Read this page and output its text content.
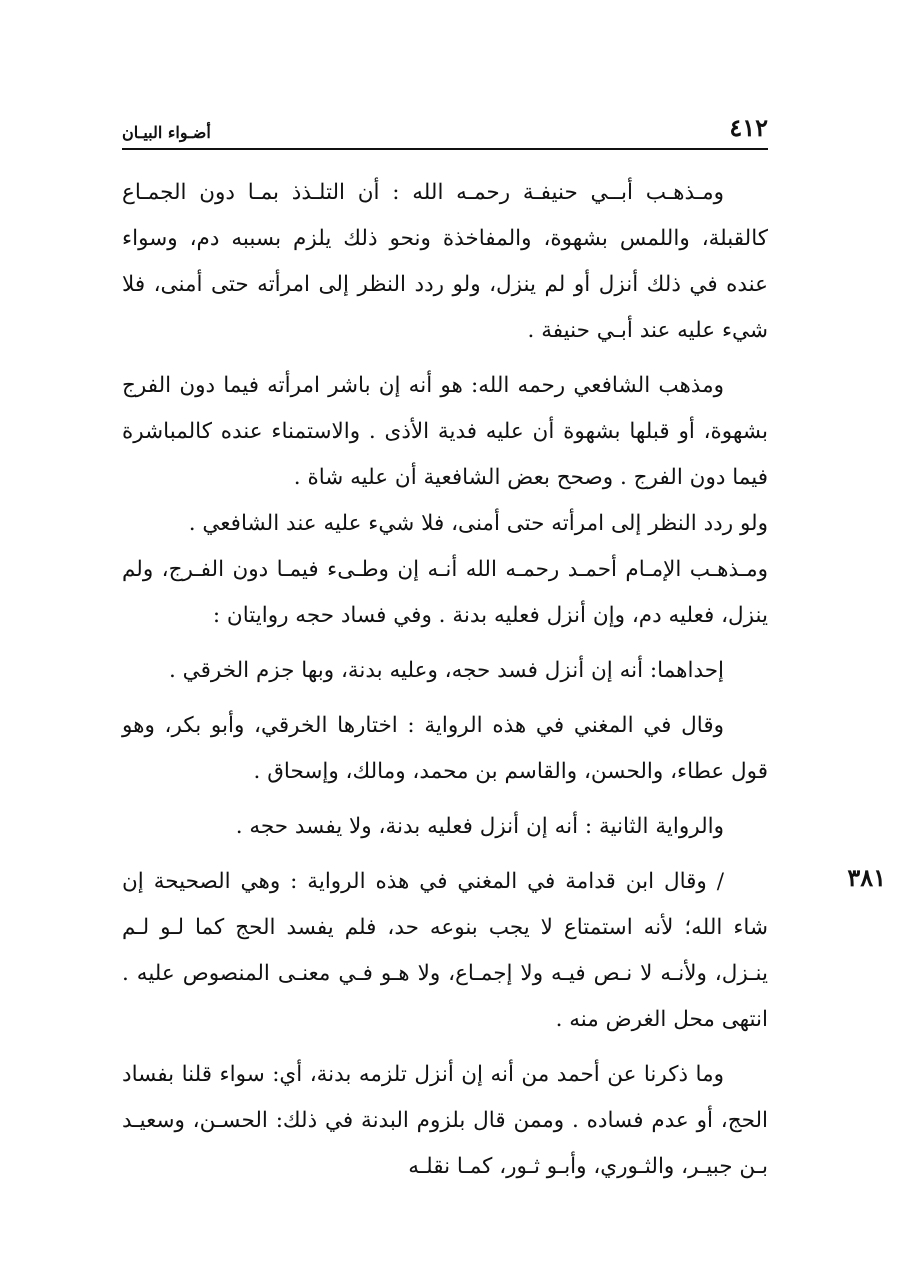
٤١٢
أضـواء البيـان

ومـذهـب أبــي حنيفـة رحمـه الله : أن التلـذذ بمـا دون الجمـاع كالقبلة، واللمس بشهوة، والمفاخذة ونحو ذلك يلزم بسببه دم، وسواء عنده في ذلك أنزل أو لم ينزل، ولو ردد النظر إلى امرأته حتى أمنى، فلا شيء عليه عند أبـي حنيفة .

ومذهب الشافعي رحمه الله: هو أنه إن باشر امرأته فيما دون الفرج بشهوة، أو قبلها بشهوة أن عليه فدية الأذى . والاستمناء عنده كالمباشرة فيما دون الفرج . وصحح بعض الشافعية أن عليه شاة .

ولو ردد النظر إلى امرأته حتى أمنى، فلا شيء عليه عند الشافعي .

ومـذهـب الإمـام أحمـد رحمـه الله أنـه إن وطـىء فيمـا دون الفـرج، ولم ينزل، فعليه دم، وإن أنزل فعليه بدنة . وفي فساد حجه روايتان :

إحداهما: أنه إن أنزل فسد حجه، وعليه بدنة، وبها جزم الخرقي .

وقال في المغني في هذه الرواية : اختارها الخرقي، وأبو بكر، وهو قول عطاء، والحسن، والقاسم بن محمد، ومالك، وإسحاق .

والرواية الثانية : أنه إن أنزل فعليه بدنة، ولا يفسد حجه .

٣٨١

/ وقال ابن قدامة في المغني في هذه الرواية : وهي الصحيحة إن شاء الله؛ لأنه استمتاع لا يجب بنوعه حد، فلم يفسد الحج كما لـو لـم ينـزل، ولأنـه لا نـص فيـه ولا إجمـاع، ولا هـو فـي معنـى المنصوص عليه . انتهى محل الغرض منه .

وما ذكرنا عن أحمد من أنه إن أنزل تلزمه بدنة، أي: سواء قلنا بفساد الحج، أو عدم فساده . وممن قال بلزوم البدنة في ذلك: الحسـن، وسعيـد بـن جبيـر، والثـوري، وأبـو ثـور، كمـا نقلـه
